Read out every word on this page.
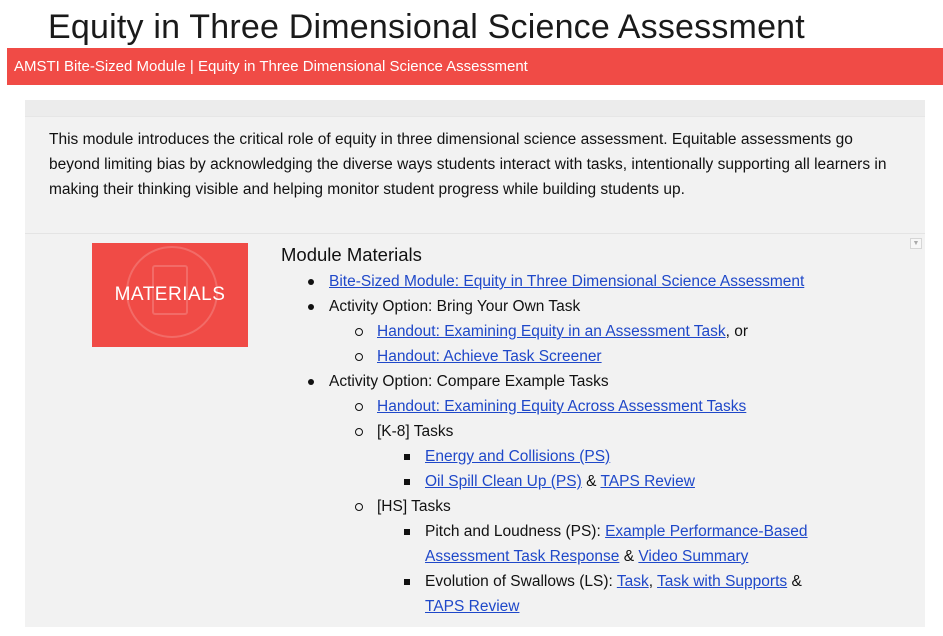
Equity in Three Dimensional Science Assessment
AMSTI Bite-Sized Module | Equity in Three Dimensional Science Assessment
This module introduces the critical role of equity in three dimensional science assessment. Equitable assessments go beyond limiting bias by acknowledging the diverse ways students interact with tasks, intentionally supporting all learners in making their thinking visible and helping monitor student progress while building students up.
MATERIALS
▼
Module Materials
Bite-Sized Module: Equity in Three Dimensional Science Assessment
Activity Option: Bring Your Own Task
Handout: Examining Equity in an Assessment Task, or
Handout: Achieve Task Screener
Activity Option: Compare Example Tasks
Handout: Examining Equity Across Assessment Tasks
[K-8] Tasks
Energy and Collisions (PS)
Oil Spill Clean Up (PS) & TAPS Review
[HS] Tasks
Pitch and Loudness (PS): Example Performance-Based Assessment Task Response & Video Summary
Evolution of Swallows (LS): Task, Task with Supports & TAPS Review
